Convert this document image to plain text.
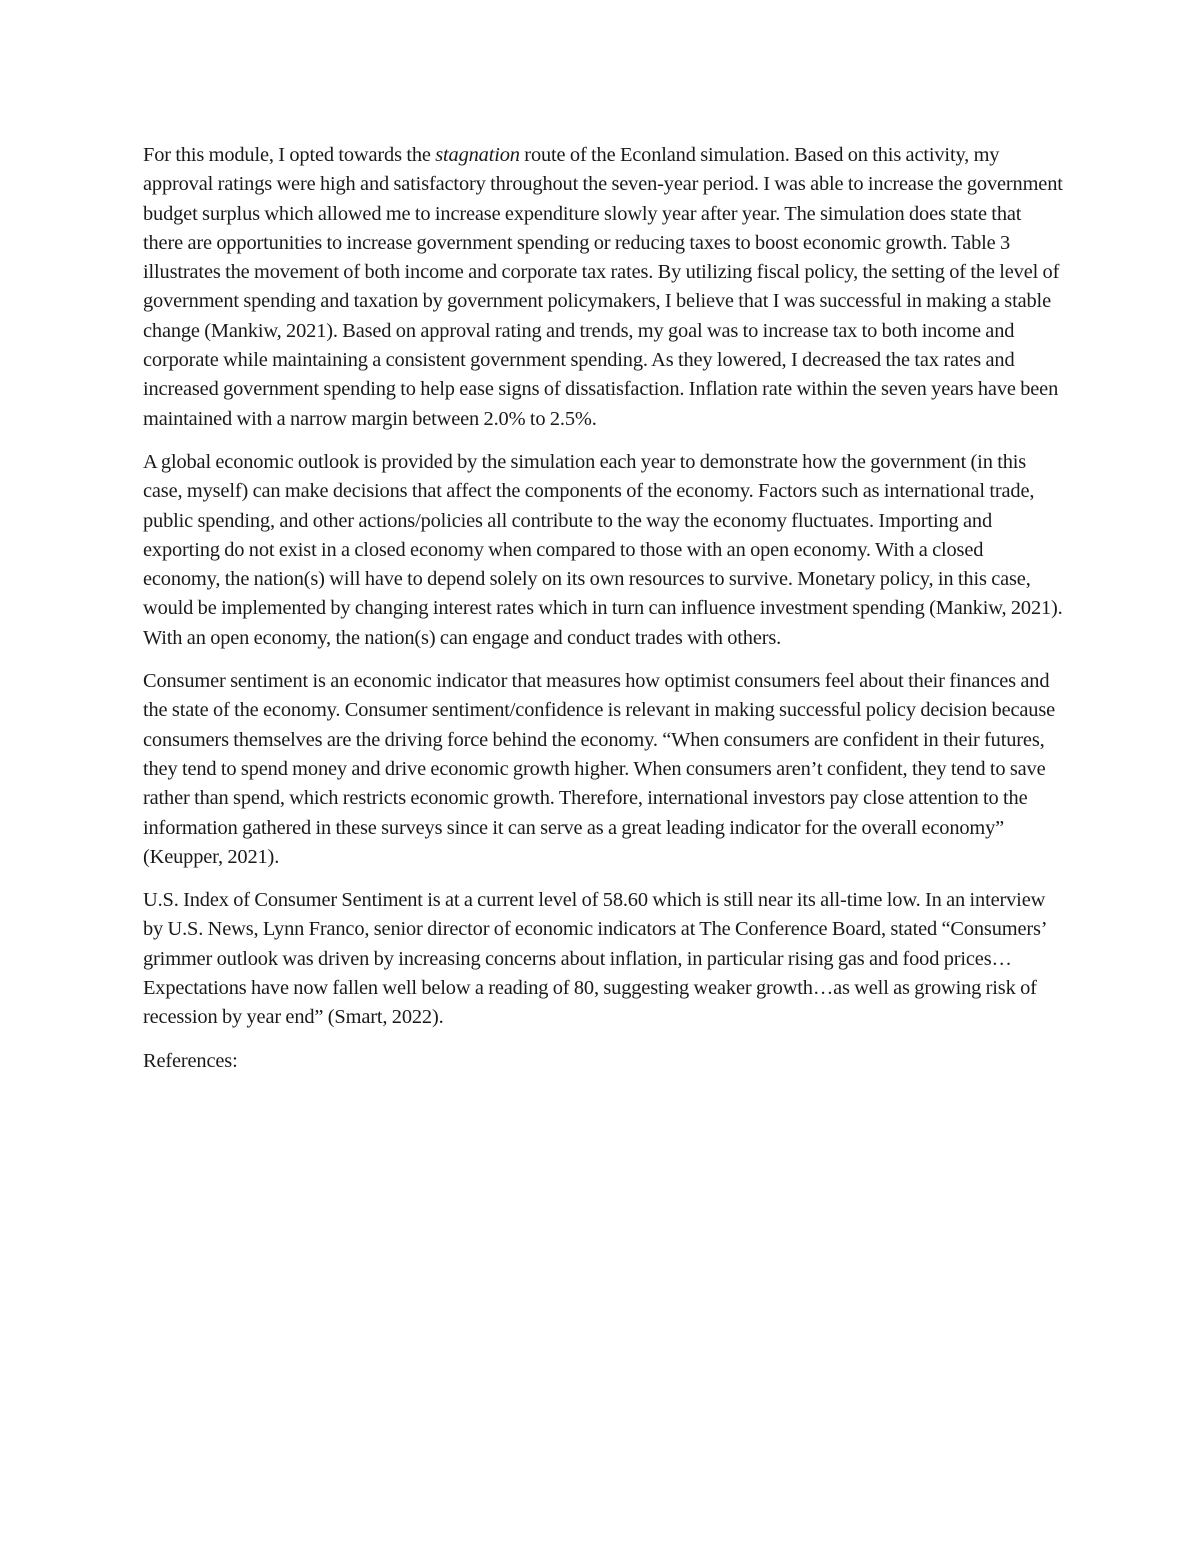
For this module, I opted towards the stagnation route of the Econland simulation. Based on this activity, my approval ratings were high and satisfactory throughout the seven-year period. I was able to increase the government budget surplus which allowed me to increase expenditure slowly year after year. The simulation does state that there are opportunities to increase government spending or reducing taxes to boost economic growth. Table 3 illustrates the movement of both income and corporate tax rates. By utilizing fiscal policy, the setting of the level of government spending and taxation by government policymakers, I believe that I was successful in making a stable change (Mankiw, 2021). Based on approval rating and trends, my goal was to increase tax to both income and corporate while maintaining a consistent government spending. As they lowered, I decreased the tax rates and increased government spending to help ease signs of dissatisfaction. Inflation rate within the seven years have been maintained with a narrow margin between 2.0% to 2.5%.

A global economic outlook is provided by the simulation each year to demonstrate how the government (in this case, myself) can make decisions that affect the components of the economy. Factors such as international trade, public spending, and other actions/policies all contribute to the way the economy fluctuates. Importing and exporting do not exist in a closed economy when compared to those with an open economy. With a closed economy, the nation(s) will have to depend solely on its own resources to survive. Monetary policy, in this case, would be implemented by changing interest rates which in turn can influence investment spending (Mankiw, 2021). With an open economy, the nation(s) can engage and conduct trades with others.

Consumer sentiment is an economic indicator that measures how optimist consumers feel about their finances and the state of the economy. Consumer sentiment/confidence is relevant in making successful policy decision because consumers themselves are the driving force behind the economy. “When consumers are confident in their futures, they tend to spend money and drive economic growth higher. When consumers aren’t confident, they tend to save rather than spend, which restricts economic growth. Therefore, international investors pay close attention to the information gathered in these surveys since it can serve as a great leading indicator for the overall economy” (Keupper, 2021).

U.S. Index of Consumer Sentiment is at a current level of 58.60 which is still near its all-time low. In an interview by U.S. News, Lynn Franco, senior director of economic indicators at The Conference Board, stated “Consumers’ grimmer outlook was driven by increasing concerns about inflation, in particular rising gas and food prices…Expectations have now fallen well below a reading of 80, suggesting weaker growth…as well as growing risk of recession by year end” (Smart, 2022).

References:
